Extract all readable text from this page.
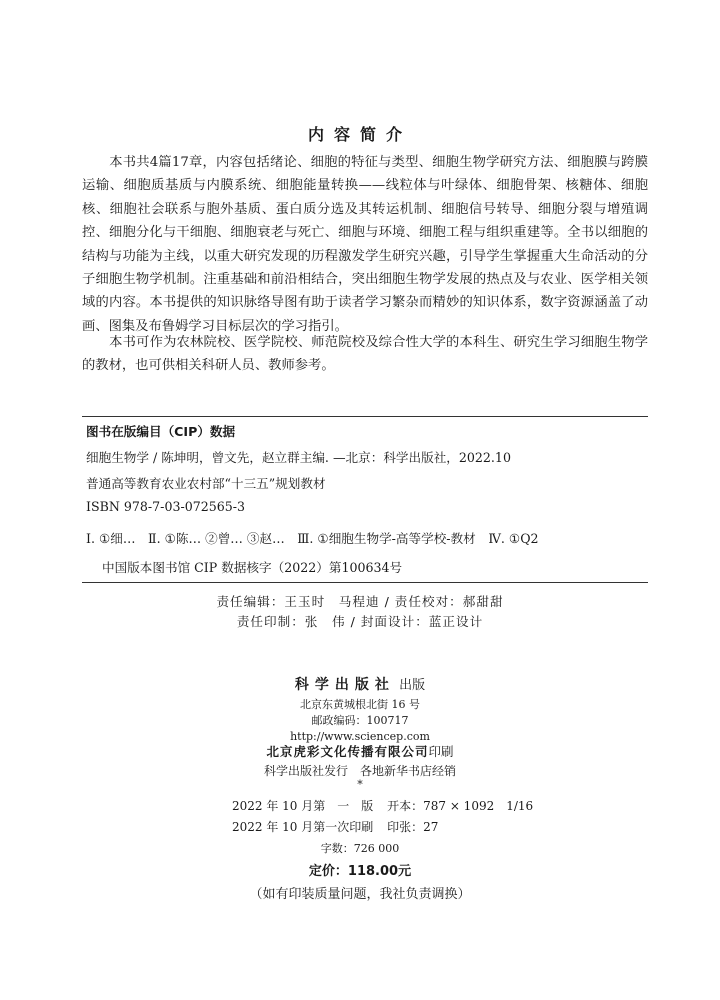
内容简介

本书共4篇17章，内容包括绪论、细胞的特征与类型、细胞生物学研究方法、细胞膜与跨膜运输、细胞质基质与内膜系统、细胞能量转换——线粒体与叶绿体、细胞骨架、核糖体、细胞核、细胞社会联系与胞外基质、蛋白质分选及其转运机制、细胞信号转导、细胞分裂与增殖调控、细胞分化与干细胞、细胞衰老与死亡、细胞与环境、细胞工程与组织重建等。全书以细胞的结构与功能为主线，以重大研究发现的历程激发学生研究兴趣，引导学生掌握重大生命活动的分子细胞生物学机制。注重基础和前沿相结合，突出细胞生物学发展的热点及与农业、医学相关领域的内容。本书提供的知识脉络导图有助于读者学习繁杂而精妙的知识体系，数字资源涵盖了动画、图集及布鲁姆学习目标层次的学习指引。

本书可作为农林院校、医学院校、师范院校及综合性大学的本科生、研究生学习细胞生物学的教材，也可供相关科研人员、教师参考。

图书在版编目（CIP）数据
细胞生物学 / 陈坤明，曾文先，赵立群主编. —北京：科学出版社，2022.10
普通高等教育农业农村部“十三五”规划教材
ISBN 978-7-03-072565-3
Ⅰ. ①细…　Ⅱ. ①陈… ②曾… ③赵…　Ⅲ. ①细胞生物学-高等学校-教材　Ⅳ. ①Q2
中国版本图书馆 CIP 数据核字（2022）第100634号
责任编辑：王玉时　马程迪 / 责任校对：郝甜甜
责任印制：张　伟 / 封面设计：蓝正设计
科学出版社 出版
北京东黄城根北街 16 号
邮政编码：100717
http://www.sciencep.com
北京虎彩文化传播有限公司印刷
科学出版社发行　各地新华书店经销
*
2022 年 10 月第　一　版 开本：787 × 1092　1/16
2022 年 10 月第一次印刷 印张：27
字数：726 000
定价：118.00元
（如有印装质量问题，我社负责调换）
